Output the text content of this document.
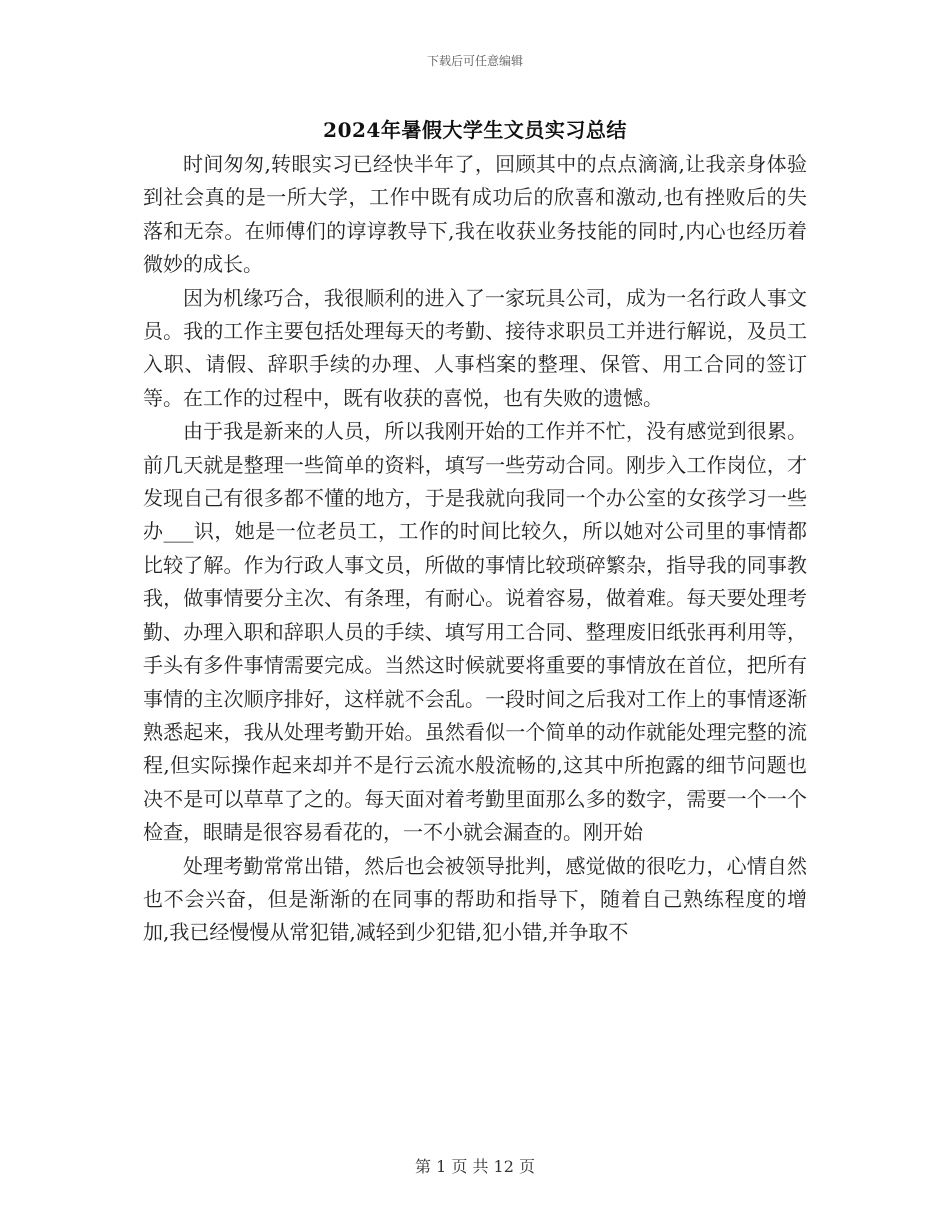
下载后可任意编辑
2024年暑假大学生文员实习总结

时间匆匆,转眼实习已经快半年了，回顾其中的点点滴滴,让我亲身体验到社会真的是一所大学，工作中既有成功后的欣喜和激动,也有挫败后的失落和无奈。在师傅们的谆谆教导下,我在收获业务技能的同时,内心也经历着微妙的成长。

因为机缘巧合，我很顺利的进入了一家玩具公司，成为一名行政人事文员。我的工作主要包括处理每天的考勤、接待求职员工并进行解说，及员工入职、请假、辞职手续的办理、人事档案的整理、保管、用工合同的签订等。在工作的过程中，既有收获的喜悦，也有失败的遗憾。

由于我是新来的人员，所以我刚开始的工作并不忙，没有感觉到很累。前几天就是整理一些简单的资料，填写一些劳动合同。刚步入工作岗位，才发现自己有很多都不懂的地方，于是我就向我同一个办公室的女孩学习一些办___识，她是一位老员工，工作的时间比较久，所以她对公司里的事情都比较了解。作为行政人事文员，所做的事情比较琐碎繁杂，指导我的同事教我，做事情要分主次、有条理，有耐心。说着容易，做着难。每天要处理考勤、办理入职和辞职人员的手续、填写用工合同、整理废旧纸张再利用等，手头有多件事情需要完成。当然这时候就要将重要的事情放在首位，把所有事情的主次顺序排好，这样就不会乱。一段时间之后我对工作上的事情逐渐熟悉起来，我从处理考勤开始。虽然看似一个简单的动作就能处理完整的流程,但实际操作起来却并不是行云流水般流畅的,这其中所抱露的细节问题也决不是可以草草了之的。每天面对着考勤里面那么多的数字，需要一个一个检查，眼睛是很容易看花的，一不小就会漏查的。刚开始

处理考勤常常出错，然后也会被领导批判，感觉做的很吃力，心情自然也不会兴奋，但是渐渐的在同事的帮助和指导下，随着自己熟练程度的增加,我已经慢慢从常犯错,减轻到少犯错,犯小错,并争取不

第 1 页 共 12 页
